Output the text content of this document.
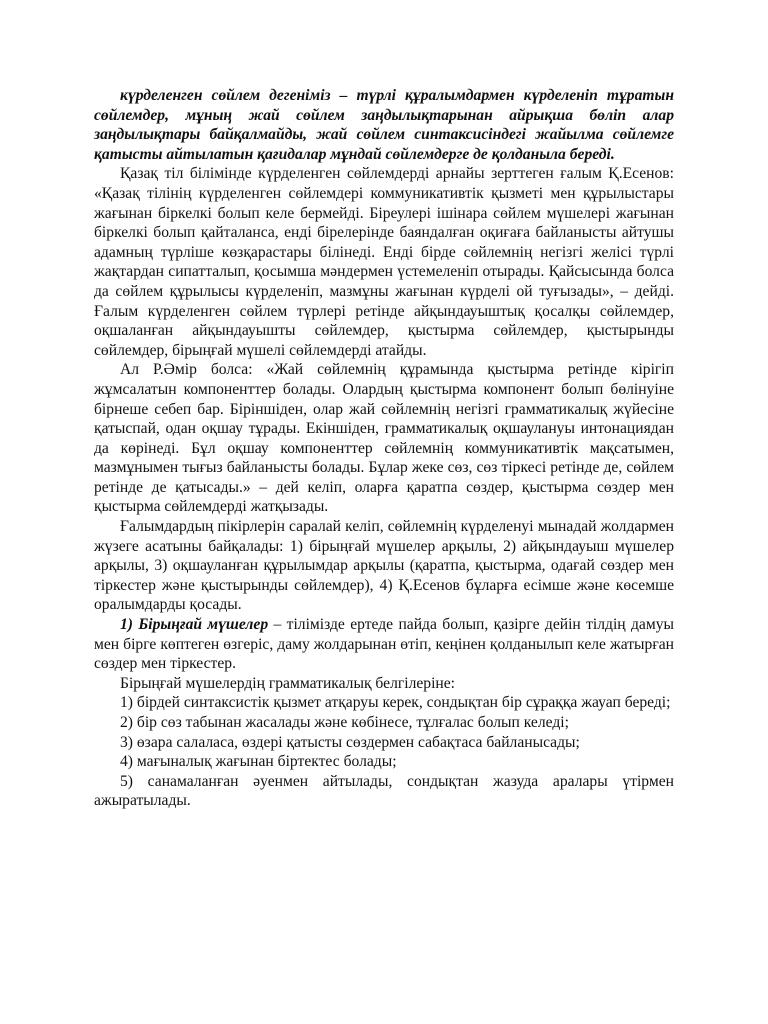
күрделенген сөйлем дегеніміз – түрлі құралымдармен күрделеніп тұратын сөйлемдер, мұның жай сөйлем заңдылықтарынан айрықша бөліп алар заңдылықтары байқалмайды, жай сөйлем синтаксисіндегі жайылма сөйлемге қатысты айтылатын қағидалар мұндай сөйлемдерге де қолданыла береді.

Қазақ тіл білімінде күрделенген сөйлемдерді арнайы зерттеген ғалым Қ.Есенов: «Қазақ тілінің күрделенген сөйлемдері коммуникативтік қызметі мен құрылыстары жағынан біркелкі болып келе бермейді. Біреулері ішінара сөйлем мүшелері жағынан біркелкі болып қайталанса, енді бірелерінде баяндалған оқиғаға байланысты айтушы адамның түрліше көзқарастары білінеді. Енді бірде сөйлемнің негізгі желісі түрлі жақтардан сипатталып, қосымша мәндермен үстемеленіп отырады. Қайсысында болса да сөйлем құрылысы күрделеніп, мазмұны жағынан күрделі ой туғызады», – дейді. Ғалым күрделенген сөйлем түрлері ретінде айқындауыштық қосалқы сөйлемдер, оқшаланған айқындауышты сөйлемдер, қыстырма сөйлемдер, қыстырынды сөйлемдер, бірыңғай мүшелі сөйлемдерді атайды.

Ал Р.Әмір болса: «Жай сөйлемнің құрамында қыстырма ретінде кірігіп жұмсалатын компоненттер болады. Олардың қыстырма компонент болып бөлінуіне бірнеше себеп бар. Біріншіден, олар жай сөйлемнің негізгі грамматикалық жүйесіне қатыспай, одан оқшау тұрады. Екіншіден, грамматикалық оқшаулануы интонациядан да көрінеді. Бұл оқшау компоненттер сөйлемнің коммуникативтік мақсатымен, мазмұнымен тығыз байланысты болады. Бұлар жеке сөз, сөз тіркесі ретінде де, сөйлем ретінде де қатысады.» – дей келіп, оларға қаратпа сөздер, қыстырма сөздер мен қыстырма сөйлемдерді жатқызады.

Ғалымдардың пікірлерін саралай келіп, сөйлемнің күрделенуі мынадай жолдармен жүзеге асатыны байқалады: 1) бірыңғай мүшелер арқылы, 2) айқындауыш мүшелер арқылы, 3) оқшауланған құрылымдар арқылы (қаратпа, қыстырма, одағай сөздер мен тіркестер және қыстырынды сөйлемдер), 4) Қ.Есенов бұларға есімше және көсемше оралымдарды қосады.

1) Бірыңғай мүшелер – тілімізде ертеде пайда болып, қазірге дейін тілдің дамуы мен бірге көптеген өзгеріс, даму жолдарынан өтіп, кеңінен қолданылып келе жатырған сөздер мен тіркестер.

Бірыңғай мүшелердің грамматикалық белгілеріне:

1) бірдей синтаксистік қызмет атқаруы керек, сондықтан бір сұраққа жауап береді;

2) бір сөз табынан жасалады және көбінесе, тұлғалас болып келеді;

3) өзара салаласа, өздері қатысты сөздермен сабақтаса байланысады;

4) мағыналық жағынан біртектес болады;

5) санамаланған әуенмен айтылады, сондықтан жазуда аралары үтірмен ажыратылады.
